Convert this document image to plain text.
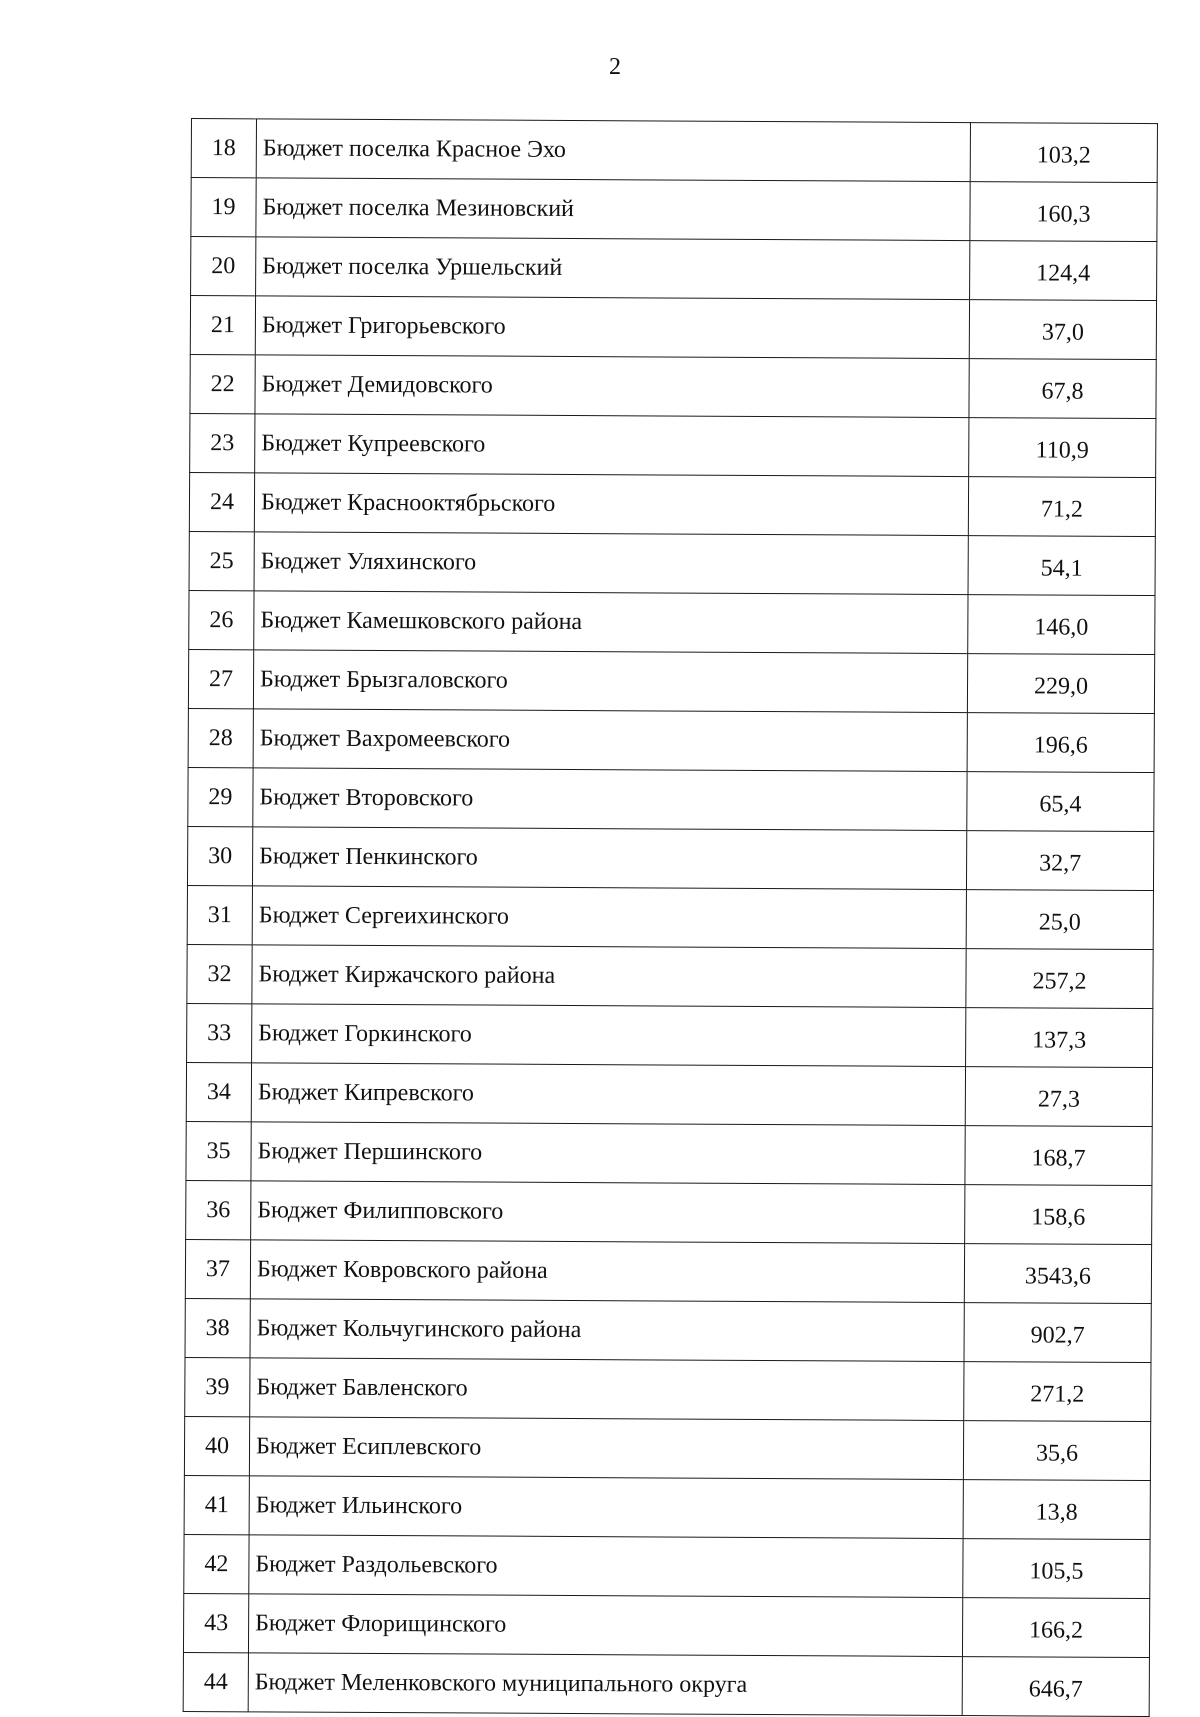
2
18	Бюджет поселка Красное Эхо	103,2
19	Бюджет поселка Мезиновский	160,3
20	Бюджет поселка Уршельский	124,4
21	Бюджет Григорьевского	37,0
22	Бюджет Демидовского	67,8
23	Бюджет Купреевского	110,9
24	Бюджет Краснооктябрьского	71,2
25	Бюджет Уляхинского	54,1
26	Бюджет Камешковского района	146,0
27	Бюджет Брызгаловского	229,0
28	Бюджет Вахромеевского	196,6
29	Бюджет Второвского	65,4
30	Бюджет Пенкинского	32,7
31	Бюджет Сергеихинского	25,0
32	Бюджет Киржачского района	257,2
33	Бюджет Горкинского	137,3
34	Бюджет Кипревского	27,3
35	Бюджет Першинского	168,7
36	Бюджет Филипповского	158,6
37	Бюджет Ковровского района	3543,6
38	Бюджет Кольчугинского района	902,7
39	Бюджет Бавленского	271,2
40	Бюджет Есиплевского	35,6
41	Бюджет Ильинского	13,8
42	Бюджет Раздольевского	105,5
43	Бюджет Флорищинского	166,2
44	Бюджет Меленковского муниципального округа	646,7
